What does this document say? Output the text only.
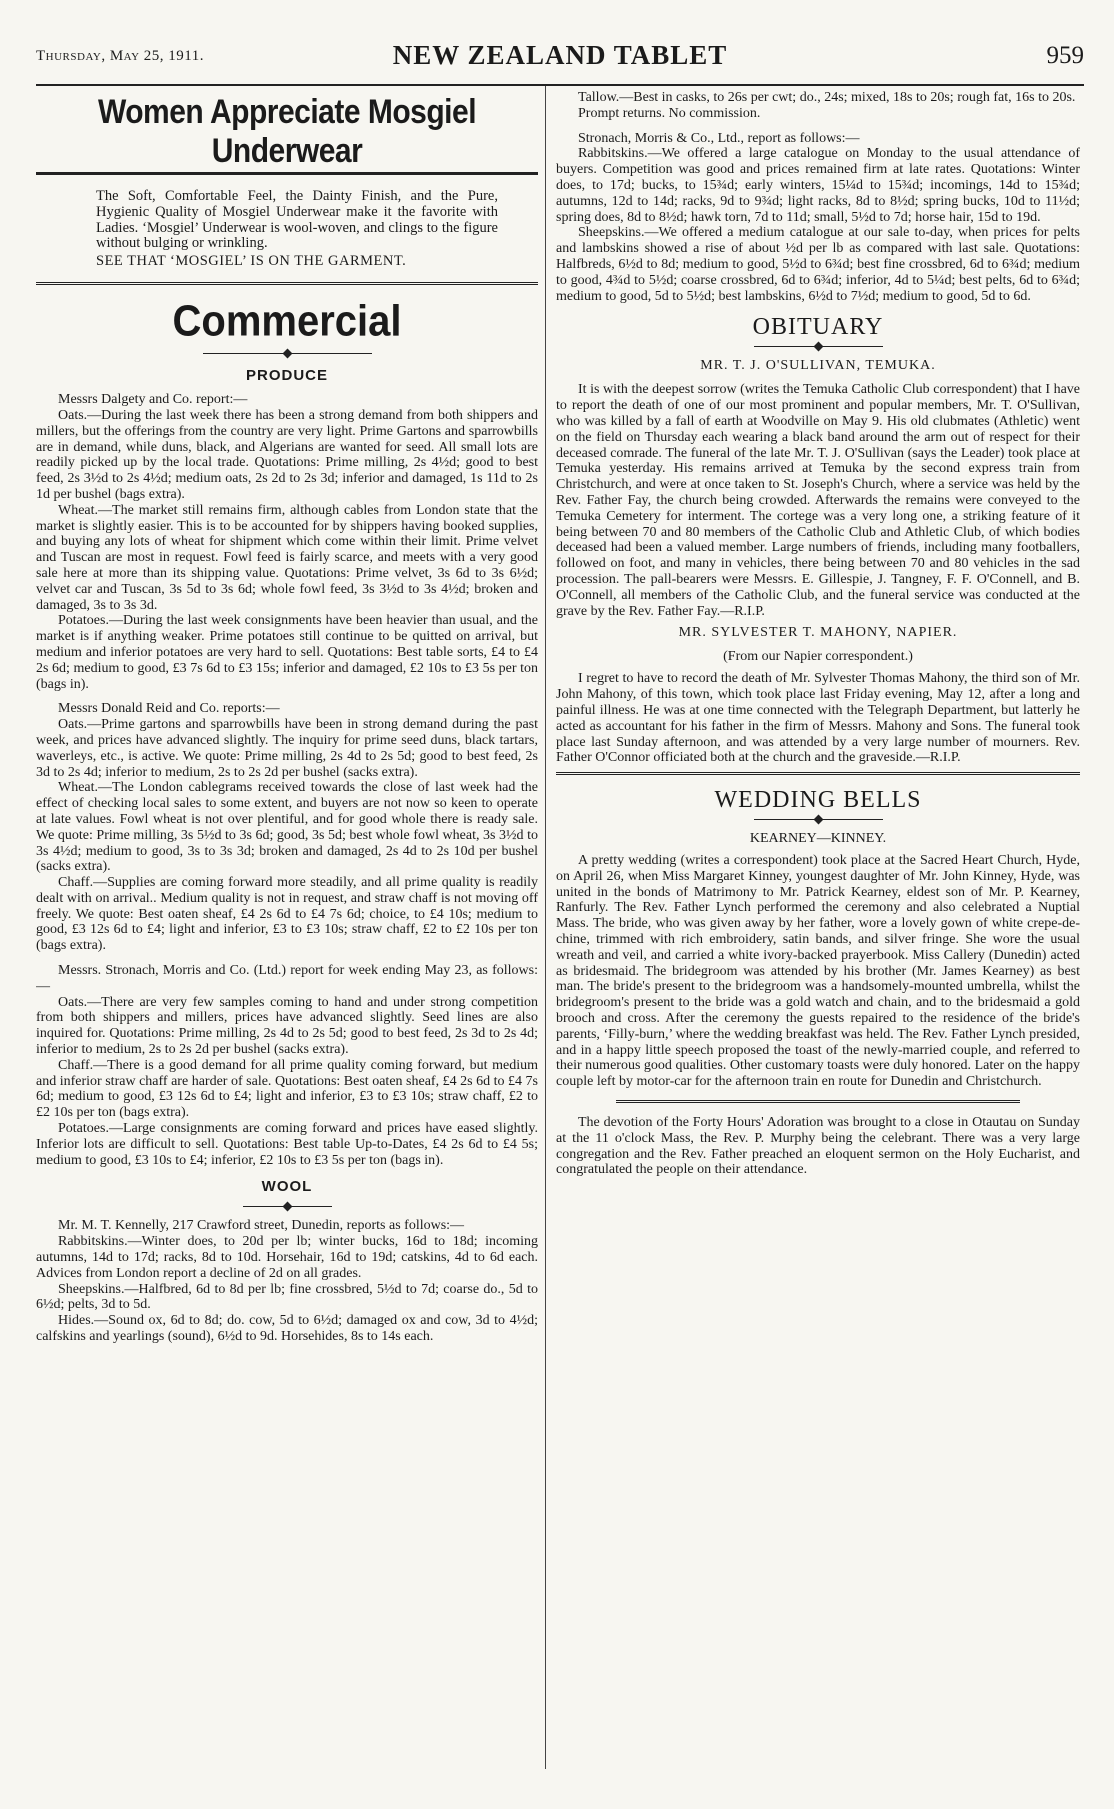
Thursday, May 25, 1911.	NEW ZEALAND TABLET	959
Women Appreciate Mosgiel Underwear

The Soft, Comfortable Feel, the Dainty Finish, and the Pure, Hygienic Quality of Mosgiel Underwear make it the favorite with Ladies. ‘Mosgiel’ Underwear is wool-woven, and clings to the figure without bulging or wrinkling.

SEE THAT ‘MOSGIEL’ IS ON THE GARMENT.
Commercial
PRODUCE

Messrs Dalgety and Co. report:—

Oats.—During the last week there has been a strong demand from both shippers and millers, but the offerings from the country are very light. Prime Gartons and sparrowbills are in demand, while duns, black, and Algerians are wanted for seed. All small lots are readily picked up by the local trade. Quotations: Prime milling, 2s 4½d; good to best feed, 2s 3½d to 2s 4½d; medium oats, 2s 2d to 2s 3d; inferior and damaged, 1s 11d to 2s 1d per bushel (bags extra).

Wheat.—The market still remains firm, although cables from London state that the market is slightly easier. This is to be accounted for by shippers having booked supplies, and buying any lots of wheat for shipment which come within their limit. Prime velvet and Tuscan are most in request. Fowl feed is fairly scarce, and meets with a very good sale here at more than its shipping value. Quotations: Prime velvet, 3s 6d to 3s 6½d; velvet car and Tuscan, 3s 5d to 3s 6d; whole fowl feed, 3s 3½d to 3s 4½d; broken and damaged, 3s to 3s 3d.

Potatoes.—During the last week consignments have been heavier than usual, and the market is if anything weaker. Prime potatoes still continue to be quitted on arrival, but medium and inferior potatoes are very hard to sell. Quotations: Best table sorts, £4 to £4 2s 6d; medium to good, £3 7s 6d to £3 15s; inferior and damaged, £2 10s to £3 5s per ton (bags in).

Messrs Donald Reid and Co. reports:—

Oats.—Prime gartons and sparrowbills have been in strong demand during the past week, and prices have advanced slightly. The inquiry for prime seed duns, black tartars, waverleys, etc., is active. We quote: Prime milling, 2s 4d to 2s 5d; good to best feed, 2s 3d to 2s 4d; inferior to medium, 2s to 2s 2d per bushel (sacks extra).

Wheat.—The London cablegrams received towards the close of last week had the effect of checking local sales to some extent, and buyers are not now so keen to operate at late values. Fowl wheat is not over plentiful, and for good whole there is ready sale. We quote: Prime milling, 3s 5½d to 3s 6d; good, 3s 5d; best whole fowl wheat, 3s 3½d to 3s 4½d; medium to good, 3s to 3s 3d; broken and damaged, 2s 4d to 2s 10d per bushel (sacks extra).

Chaff.—Supplies are coming forward more steadily, and all prime quality is readily dealt with on arrival.. Medium quality is not in request, and straw chaff is not moving off freely. We quote: Best oaten sheaf, £4 2s 6d to £4 7s 6d; choice, to £4 10s; medium to good, £3 12s 6d to £4; light and inferior, £3 to £3 10s; straw chaff, £2 to £2 10s per ton (bags extra).

Messrs. Stronach, Morris and Co. (Ltd.) report for week ending May 23, as follows:—

Oats.—There are very few samples coming to hand and under strong competition from both shippers and millers, prices have advanced slightly. Seed lines are also inquired for. Quotations: Prime milling, 2s 4d to 2s 5d; good to best feed, 2s 3d to 2s 4d; inferior to medium, 2s to 2s 2d per bushel (sacks extra).

Chaff.—There is a good demand for all prime quality coming forward, but medium and inferior straw chaff are harder of sale. Quotations: Best oaten sheaf, £4 2s 6d to £4 7s 6d; medium to good, £3 12s 6d to £4; light and inferior, £3 to £3 10s; straw chaff, £2 to £2 10s per ton (bags extra).

Potatoes.—Large consignments are coming forward and prices have eased slightly. Inferior lots are difficult to sell. Quotations: Best table Up-to-Dates, £4 2s 6d to £4 5s; medium to good, £3 10s to £4; inferior, £2 10s to £3 5s per ton (bags in).

WOOL

Mr. M. T. Kennelly, 217 Crawford street, Dunedin, reports as follows:—

Rabbitskins.—Winter does, to 20d per lb; winter bucks, 16d to 18d; incoming autumns, 14d to 17d; racks, 8d to 10d. Horsehair, 16d to 19d; catskins, 4d to 6d each. Advices from London report a decline of 2d on all grades.

Sheepskins.—Halfbred, 6d to 8d per lb; fine crossbred, 5½d to 7d; coarse do., 5d to 6½d; pelts, 3d to 5d.

Hides.—Sound ox, 6d to 8d; do. cow, 5d to 6½d; damaged ox and cow, 3d to 4½d; calfskins and yearlings (sound), 6½d to 9d. Horsehides, 8s to 14s each.

Tallow.—Best in casks, to 26s per cwt; do., 24s; mixed, 18s to 20s; rough fat, 16s to 20s.

Prompt returns. No commission.

Stronach, Morris & Co., Ltd., report as follows:—

Rabbitskins.—We offered a large catalogue on Monday to the usual attendance of buyers. Competition was good and prices remained firm at late rates. Quotations: Winter does, to 17d; bucks, to 15¾d; early winters, 15¼d to 15¾d; incomings, 14d to 15¾d; autumns, 12d to 14d; racks, 9d to 9¾d; light racks, 8d to 8½d; spring bucks, 10d to 11½d; spring does, 8d to 8½d; hawk torn, 7d to 11d; small, 5½d to 7d; horse hair, 15d to 19d.

Sheepskins.—We offered a medium catalogue at our sale to-day, when prices for pelts and lambskins showed a rise of about ½d per lb as compared with last sale. Quotations: Halfbreds, 6½d to 8d; medium to good, 5½d to 6¾d; best fine crossbred, 6d to 6¾d; medium to good, 4¾d to 5½d; coarse crossbred, 6d to 6¾d; inferior, 4d to 5¼d; best pelts, 6d to 6¾d; medium to good, 5d to 5½d; best lambskins, 6½d to 7½d; medium to good, 5d to 6d.

OBITUARY
MR. T. J. O'SULLIVAN, TEMUKA.

It is with the deepest sorrow (writes the Temuka Catholic Club correspondent) that I have to report the death of one of our most prominent and popular members, Mr. T. O'Sullivan, who was killed by a fall of earth at Woodville on May 9. His old clubmates (Athletic) went on the field on Thursday each wearing a black band around the arm out of respect for their deceased comrade. The funeral of the late Mr. T. J. O'Sullivan (says the Leader) took place at Temuka yesterday. His remains arrived at Temuka by the second express train from Christchurch, and were at once taken to St. Joseph's Church, where a service was held by the Rev. Father Fay, the church being crowded. Afterwards the remains were conveyed to the Temuka Cemetery for interment. The cortege was a very long one, a striking feature of it being between 70 and 80 members of the Catholic Club and Athletic Club, of which bodies deceased had been a valued member. Large numbers of friends, including many footballers, followed on foot, and many in vehicles, there being between 70 and 80 vehicles in the sad procession. The pall-bearers were Messrs. E. Gillespie, J. Tangney, F. F. O'Connell, and B. O'Connell, all members of the Catholic Club, and the funeral service was conducted at the grave by the Rev. Father Fay.—R.I.P.

MR. SYLVESTER T. MAHONY, NAPIER.
(From our Napier correspondent.)

I regret to have to record the death of Mr. Sylvester Thomas Mahony, the third son of Mr. John Mahony, of this town, which took place last Friday evening, May 12, after a long and painful illness. He was at one time connected with the Telegraph Department, but latterly he acted as accountant for his father in the firm of Messrs. Mahony and Sons. The funeral took place last Sunday afternoon, and was attended by a very large number of mourners. Rev. Father O'Connor officiated both at the church and the graveside.—R.I.P.

WEDDING BELLS
KEARNEY—KINNEY.

A pretty wedding (writes a correspondent) took place at the Sacred Heart Church, Hyde, on April 26, when Miss Margaret Kinney, youngest daughter of Mr. John Kinney, Hyde, was united in the bonds of Matrimony to Mr. Patrick Kearney, eldest son of Mr. P. Kearney, Ranfurly. The Rev. Father Lynch performed the ceremony and also celebrated a Nuptial Mass. The bride, who was given away by her father, wore a lovely gown of white crepe-de-chine, trimmed with rich embroidery, satin bands, and silver fringe. She wore the usual wreath and veil, and carried a white ivory-backed prayerbook. Miss Callery (Dunedin) acted as bridesmaid. The bridegroom was attended by his brother (Mr. James Kearney) as best man. The bride's present to the bridegroom was a handsomely-mounted umbrella, whilst the bridegroom's present to the bride was a gold watch and chain, and to the bridesmaid a gold brooch and cross. After the ceremony the guests repaired to the residence of the bride's parents, ‘Filly-burn,’ where the wedding breakfast was held. The Rev. Father Lynch presided, and in a happy little speech proposed the toast of the newly-married couple, and referred to their numerous good qualities. Other customary toasts were duly honored. Later on the happy couple left by motor-car for the afternoon train en route for Dunedin and Christchurch.

The devotion of the Forty Hours' Adoration was brought to a close in Otautau on Sunday at the 11 o'clock Mass, the Rev. P. Murphy being the celebrant. There was a very large congregation and the Rev. Father preached an eloquent sermon on the Holy Eucharist, and congratulated the people on their attendance.
